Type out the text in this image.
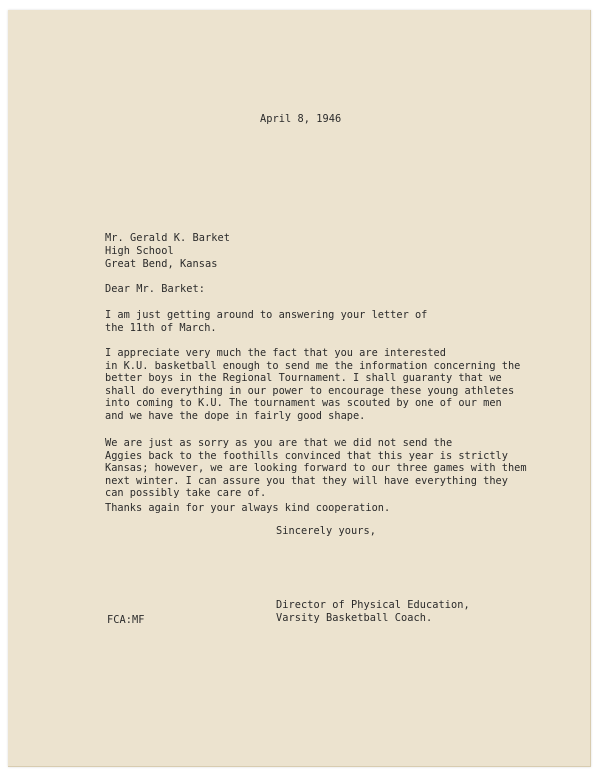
April 8, 1946
Mr. Gerald K. Barket
High School
Great Bend, Kansas
Dear Mr. Barket:
I am just getting around to answering your letter of
the 11th of March.
I appreciate very much the fact that you are interested
in K.U. basketball enough to send me the information concerning the
better boys in the Regional Tournament. I shall guaranty that we
shall do everything in our power to encourage these young athletes
into coming to K.U. The tournament was scouted by one of our men
and we have the dope in fairly good shape.
We are just as sorry as you are that we did not send the
Aggies back to the foothills convinced that this year is strictly
Kansas; however, we are looking forward to our three games with them
next winter. I can assure you that they will have everything they
can possibly take care of.
Thanks again for your always kind cooperation.
Sincerely yours,
Director of Physical Education,
Varsity Basketball Coach.
FCA:MF
